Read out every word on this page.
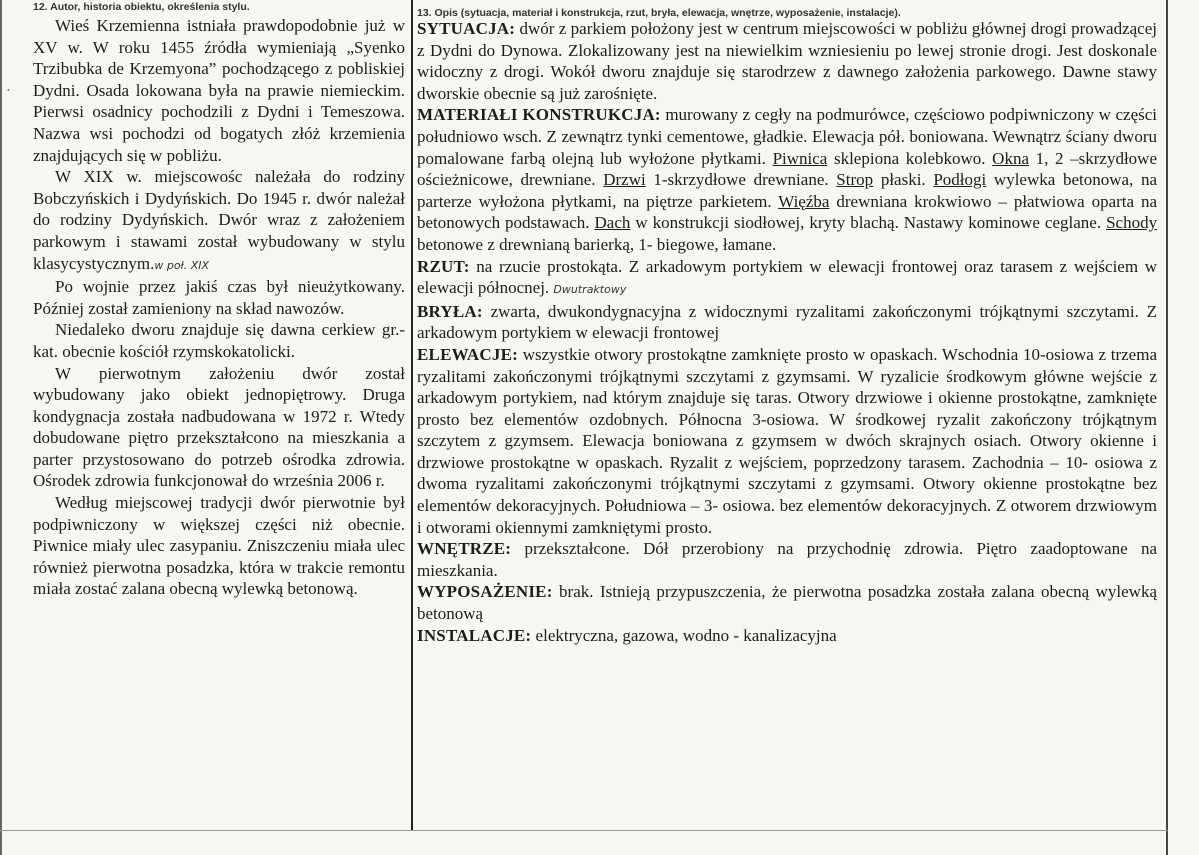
•
12. Autor, historia obiektu, określenia stylu.

Wieś Krzemienna istniała prawdopodobnie już w XV w. W roku 1455 źródła wymieniają „Syenko Trzibubka de Krzemyona” pochodzącego z pobliskiej Dydni. Osada lokowana była na prawie niemieckim. Pierwsi osadnicy pochodzili z Dydni i Temeszowa. Nazwa wsi pochodzi od bogatych złóż krzemienia znajdujących się w pobliżu.

W XIX w. miejscowośc należała do rodziny Bobczyńskich i Dydyńskich. Do 1945 r. dwór należał do rodziny Dydyńskich. Dwór wraz z założeniem parkowym i stawami został wybudowany w stylu klasycystycznym.w poł. XIX

Po wojnie przez jakiś czas był nieużytkowany. Później został zamieniony na skład nawozów.

Niedaleko dworu znajduje się dawna cerkiew gr.-kat. obecnie kościół rzymskokatolicki.

W pierwotnym założeniu dwór został wybudowany jako obiekt jednopiętrowy. Druga kondygnacja została nadbudowana w 1972 r. Wtedy dobudowane piętro przekształcono na mieszkania a parter przystosowano do potrzeb ośrodka zdrowia. Ośrodek zdrowia funkcjonował do września 2006 r.

Według miejscowej tradycji dwór pierwotnie był podpiwniczony w większej części niż obecnie. Piwnice miały ulec zasypaniu. Zniszczeniu miała ulec również pierwotna posadzka, która w trakcie remontu miała zostać zalana obecną wylewką betonową.

13. Opis (sytuacja, materiał i konstrukcja, rzut, bryła, elewacja, wnętrze, wyposażenie, instalacje).

SYTUACJA: dwór z parkiem położony jest w centrum miejscowości w pobliżu głównej drogi prowadzącej z Dydni do Dynowa. Zlokalizowany jest na niewielkim wzniesieniu po lewej stronie drogi. Jest doskonale widoczny z drogi. Wokół dworu znajduje się starodrzew z dawnego założenia parkowego. Dawne stawy dworskie obecnie są już zarośnięte.

MATERIAŁI KONSTRUKCJA: murowany z cegły na podmurówce, częściowo podpiwniczony w części południowo wsch. Z zewnątrz tynki cementowe, gładkie. Elewacja pół. boniowana. Wewnątrz ściany dworu pomalowane farbą olejną lub wyłożone płytkami. Piwnica sklepiona kolebkowo. Okna 1, 2 –skrzydłowe ościeżnicowe, drewniane. Drzwi 1-skrzydłowe drewniane. Strop płaski. Podłogi wylewka betonowa, na parterze wyłożona płytkami, na piętrze parkietem. Więźba drewniana krokwiowo – płatwiowa oparta na betonowych podstawach. Dach w konstrukcji siodłowej, kryty blachą. Nastawy kominowe ceglane. Schody betonowe z drewnianą barierką, 1- biegowe, łamane.

RZUT: na rzucie prostokąta. Z arkadowym portykiem w elewacji frontowej oraz tarasem z wejściem w elewacji północnej. Dwutraktowy

BRYŁA: zwarta, dwukondygnacyjna z widocznymi ryzalitami zakończonymi trójkątnymi szczytami. Z arkadowym portykiem w elewacji frontowej

ELEWACJE: wszystkie otwory prostokątne zamknięte prosto w opaskach. Wschodnia 10-osiowa z trzema ryzalitami zakończonymi trójkątnymi szczytami z gzymsami. W ryzalicie środkowym główne wejście z arkadowym portykiem, nad którym znajduje się taras. Otwory drzwiowe i okienne prostokątne, zamknięte prosto bez elementów ozdobnych. Północna 3-osiowa. W środkowej ryzalit zakończony trójkątnym szczytem z gzymsem. Elewacja boniowana z gzymsem w dwóch skrajnych osiach. Otwory okienne i drzwiowe prostokątne w opaskach. Ryzalit z wejściem, poprzedzony tarasem. Zachodnia – 10- osiowa z dwoma ryzalitami zakończonymi trójkątnymi szczytami z gzymsami. Otwory okienne prostokątne bez elementów dekoracyjnych. Południowa – 3- osiowa. bez elementów dekoracyjnych. Z otworem drzwiowym i otworami okiennymi zamkniętymi prosto.

WNĘTRZE: przekształcone. Dół przerobiony na przychodnię zdrowia. Piętro zaadoptowane na mieszkania.

WYPOSAŻENIE: brak. Istnieją przypuszczenia, że pierwotna posadzka została zalana obecną wylewką betonową

INSTALACJE: elektryczna, gazowa, wodno - kanalizacyjna
